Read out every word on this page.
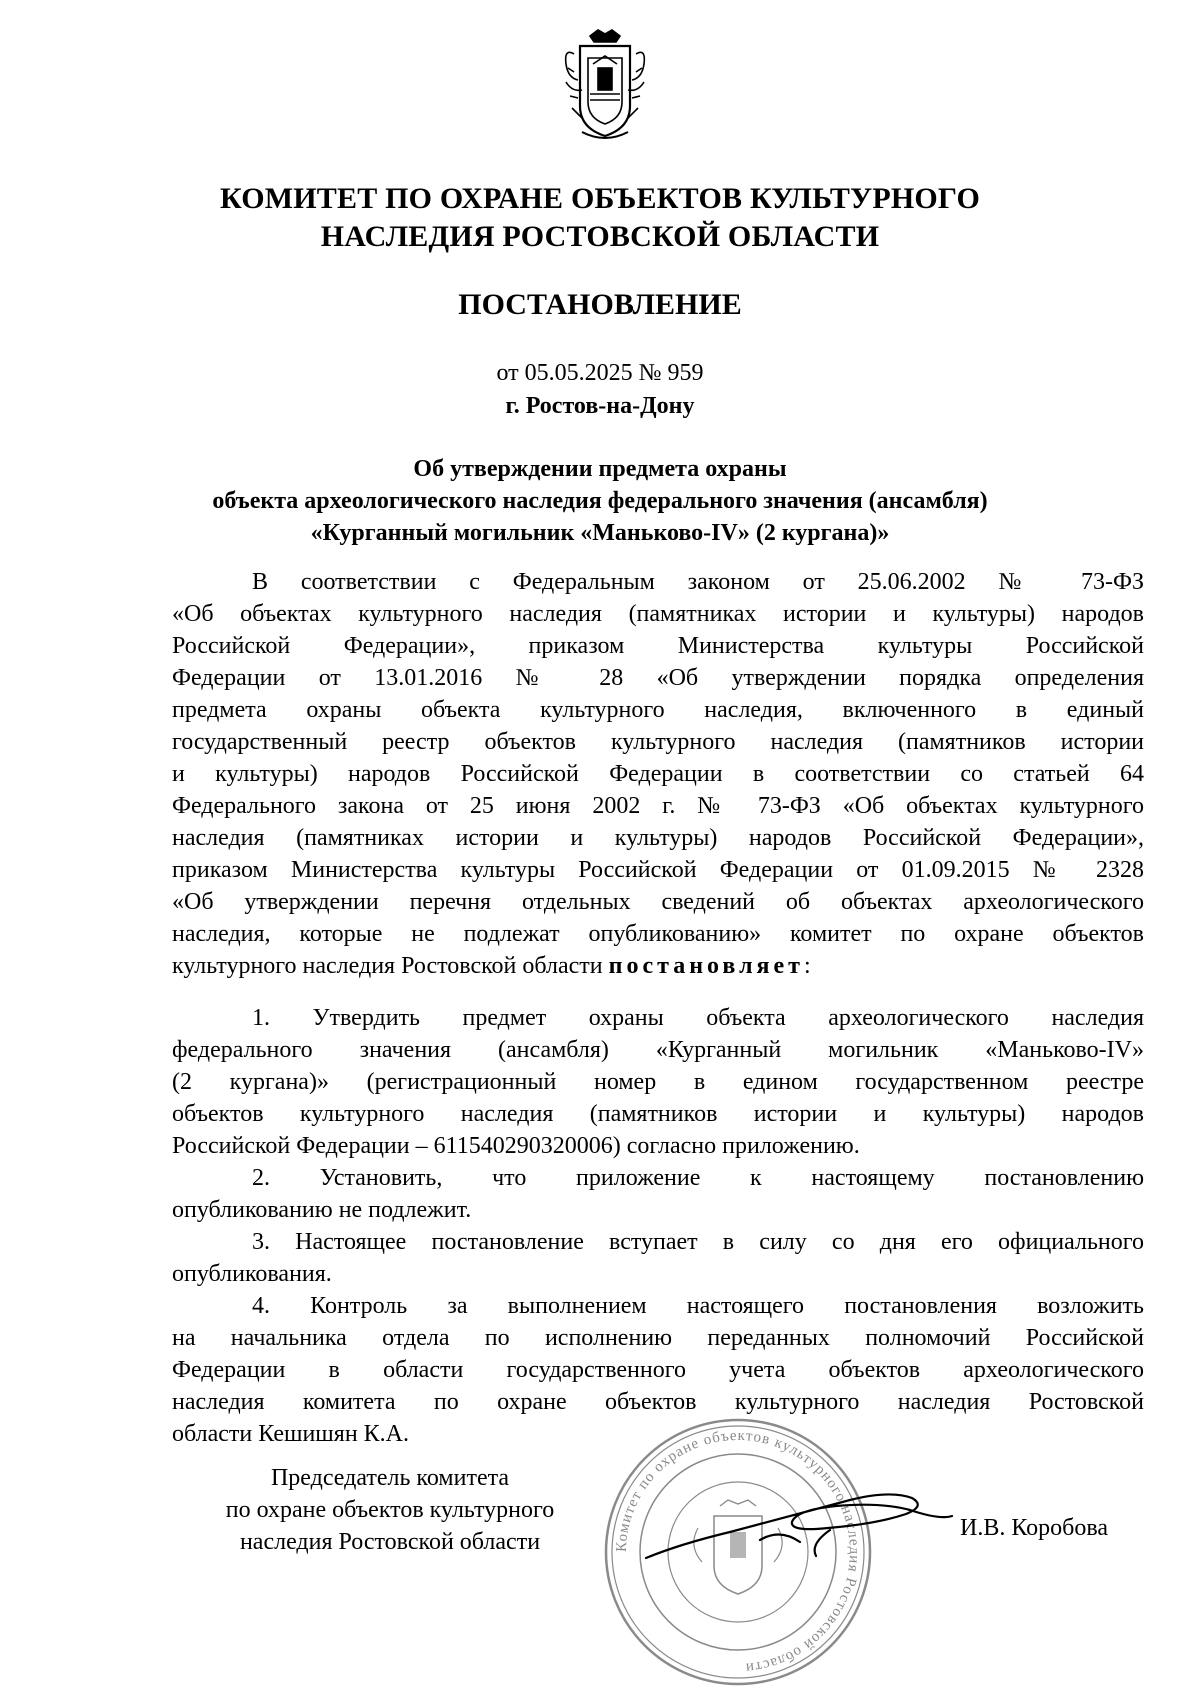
КОМИТЕТ ПО ОХРАНЕ ОБЪЕКТОВ КУЛЬТУРНОГО
НАСЛЕДИЯ РОСТОВСКОЙ ОБЛАСТИ
ПОСТАНОВЛЕНИЕ
от 05.05.2025 № 959
г. Ростов-на-Дону
Об утверждении предмета охраны
объекта археологического наследия федерального значения (ансамбля)
«Курганный могильник «Маньково-IV» (2 кургана)»
В соответствии с Федеральным законом от 25.06.2002 № 73-ФЗ
«Об объектах культурного наследия (памятниках истории и культуры) народов
Российской Федерации», приказом Министерства культуры Российской
Федерации от 13.01.2016 № 28 «Об утверждении порядка определения
предмета охраны объекта культурного наследия, включенного в единый
государственный реестр объектов культурного наследия (памятников истории
и культуры) народов Российской Федерации в соответствии со статьей 64
Федерального закона от 25 июня 2002 г. № 73-ФЗ «Об объектах культурного
наследия (памятниках истории и культуры) народов Российской Федерации»,
приказом Министерства культуры Российской Федерации от 01.09.2015 № 2328
«Об утверждении перечня отдельных сведений об объектах археологического
наследия, которые не подлежат опубликованию» комитет по охране объектов
культурного наследия Ростовской области постановляет:
1. Утвердить предмет охраны объекта археологического наследия
федерального значения (ансамбля) «Курганный могильник «Маньково-IV»
(2 кургана)» (регистрационный номер в едином государственном реестре
объектов культурного наследия (памятников истории и культуры) народов
Российской Федерации – 611540290320006) согласно приложению.
2. Установить, что приложение к настоящему постановлению
опубликованию не подлежит.
3. Настоящее постановление вступает в силу со дня его официального
опубликования.
4. Контроль за выполнением настоящего постановления возложить
на начальника отдела по исполнению переданных полномочий Российской
Федерации в области государственного учета объектов археологического
наследия комитета по охране объектов культурного наследия Ростовской
области Кешишян К.А.
Комитет по охране объектов культурного наследия Ростовской области
Председатель комитета
по охране объектов культурного
наследия Ростовской области
И.В. Коробова
